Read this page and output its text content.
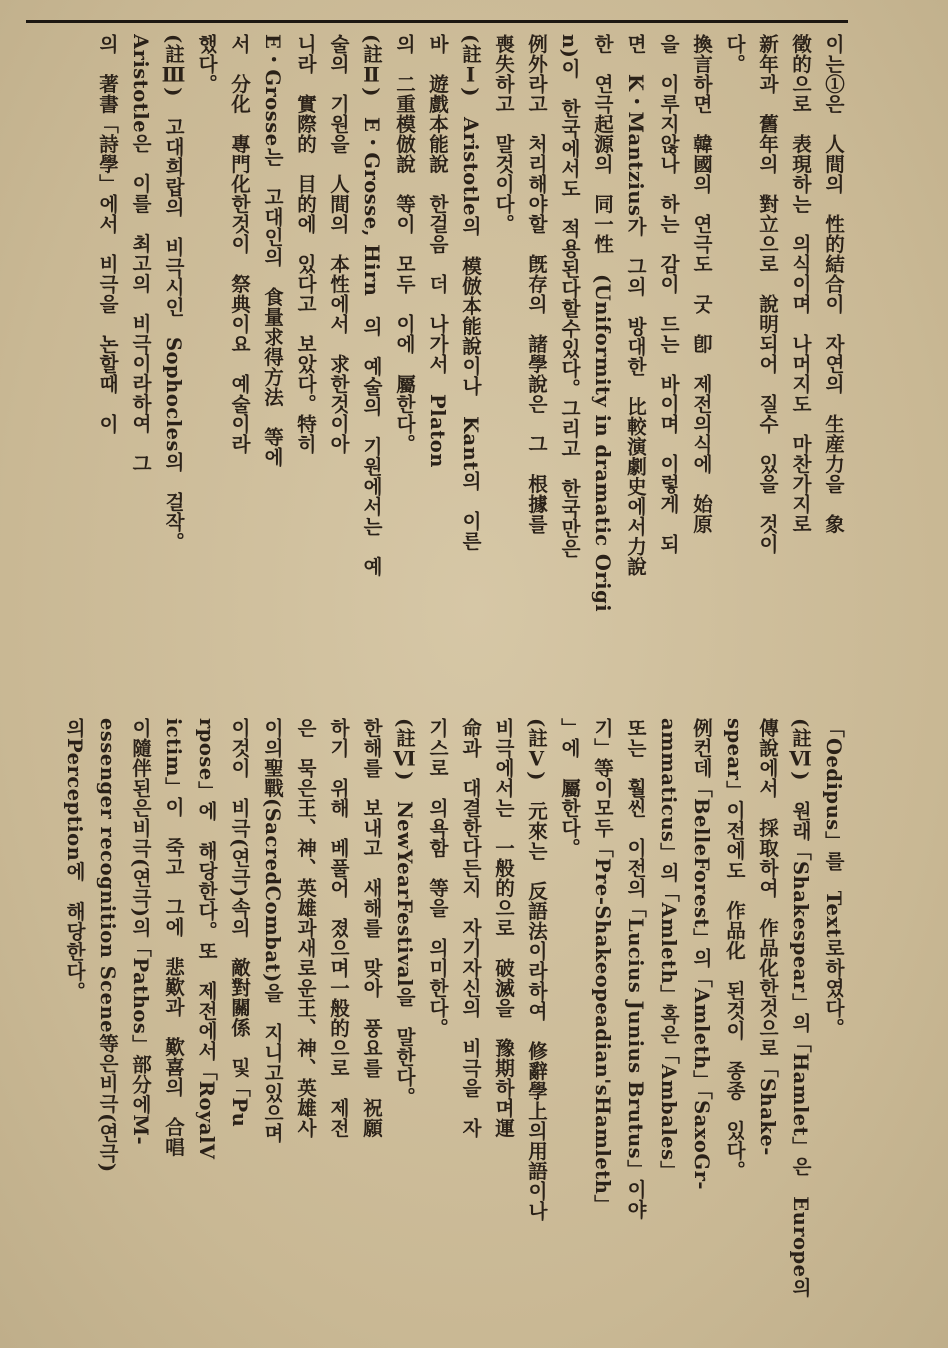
이는①은　人間의　性的結合이　자연의　生産力을　象
徵的으로　表現하는　의식이며　나머지도　마찬가지로
新年과　舊年의　對立으로　說明되어　질수　있을　것이
다。
換言하면　韓國의　연극도　굿　卽　제전의식에　始原
을　이루지않나　하는　감이　드는　바이며　이렇게　되
면　K・Mantzius가　그의　방대한　比較演劇史에서力說
한　연극起源의　同一性　(Uniformity in dramatic Origi
n)이　한국에서도　적용된다할수있다。그리고　한국만은
例外라고　처리해야할　旣存의　諸學說은　그　根據를
喪失하고　말것이다。
(註Ⅰ)　Aristotle의　模倣本能說이나　Kant의　이른
바　遊戲本能說　한걸음　더　나가서　Platon
의　二重模倣說　等이　모두　이에　屬한다。
(註Ⅱ)　E・Grosse, Hirn　의　예술의　기원에서는　예
술의　기원을　人間의　本性에서　求한것이아
니라　實際的　目的에　있다고　보았다。特히
E・Grosse는　고대인의　食量求得方法　等에
서　分化　專門化한것이　祭典이요　예술이라
했다。
(註Ⅲ)　고대희랍의　비극시인　Sophocles의　걸작。
Aristotle은　이를　최고의　비극이라하여　그
의　著書「詩學」에서　비극을　논할때　이
「Oedipus」를　Text로하였다。
(註Ⅵ)　원래「Shakespear」의「Hamlet」은　Europe의
傳說에서　採取하여　作品化한것으로「Shake-
spear」이전에도　作品化　된것이　종종　있다。
例컨데「BelleForest」의「Amleth」「SaxoGr-
ammaticus」의「Amleth」혹은「Ambales」
또는　훨씬　이전의「Lucius Junius Brutus」이야
기」等이모두「Pre-Shakeopeadian'sHamleth」
」에　屬한다。
(註Ⅴ)　元來는　反語法이라하여　修辭學上의用語이나
비극에서는　一般的으로　破滅을　豫期하며運
命과　대결한다든지　자기자신의　비극을　자
기스로　의욕함　等을　의미한다。
(註Ⅵ)　NewYearFestival을　말한다。
한해를　보내고　새해를　맞아　풍요를　祝願
하기　위해　베풀어　졌으며一般的으로　제전
은　묵은王、神、英雄과새로운王、神、英雄사
이의聖戰(SacredCombat)을　지니고있으며
이것이　비극(연극)속의　敵對關係　및「Pu
rpose」에　해당한다。또　제전에서「RoyalV
ictim」이　죽고　그에　悲歎과　歎喜의　合唱
이隨伴된은비극(연극)의「Pathos」部分에M-
essenger recognition Scene等은비극(연극)
의Perception에　해당한다。
